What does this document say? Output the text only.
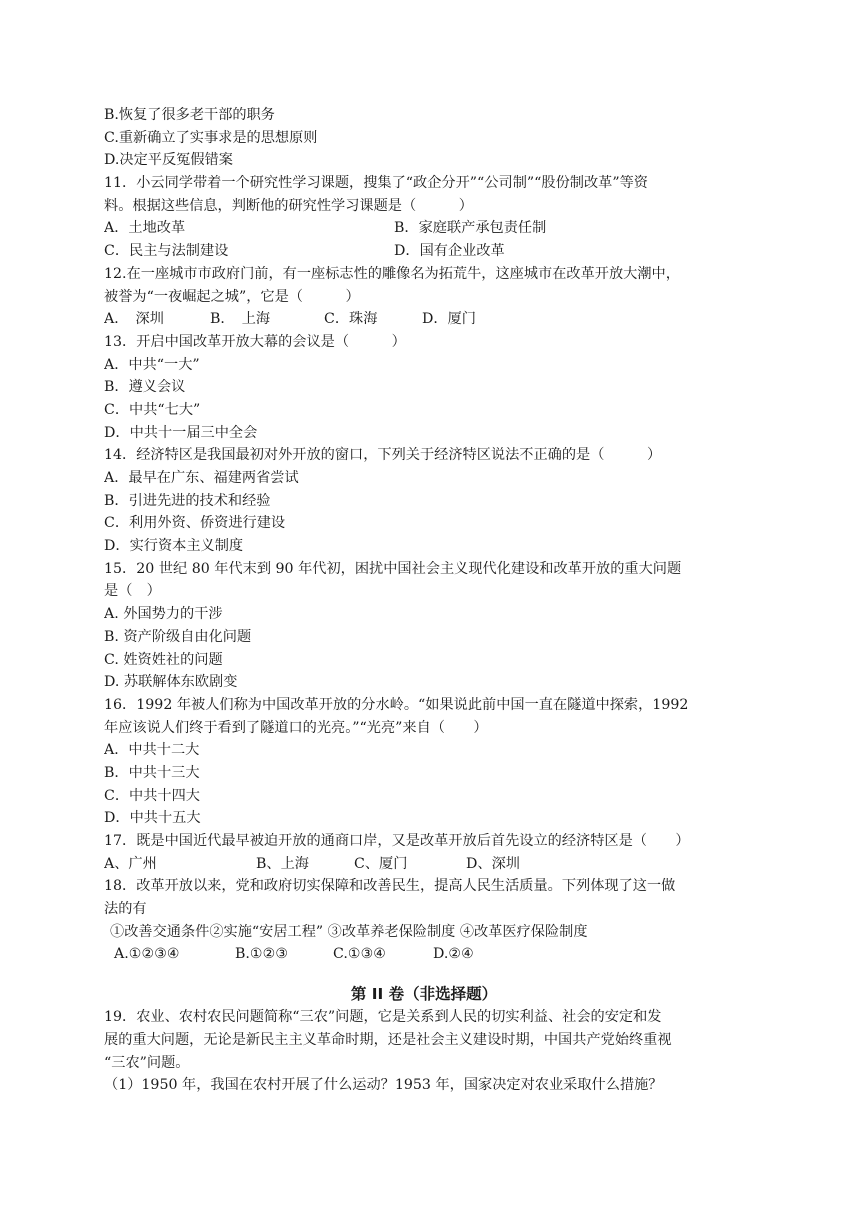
B.恢复了很多老干部的职务
C.重新确立了实事求是的思想原则
D.决定平反冤假错案
11．小云同学带着一个研究性学习课题，搜集了“政企分开”“公司制”“股份制改革”等资
料。根据这些信息，判断他的研究性学习课题是（　　　）
A．土地改革	B．家庭联产承包责任制
C．民主与法制建设	D．国有企业改革
12.在一座城市市政府门前，有一座标志性的雕像名为拓荒牛，这座城市在改革开放大潮中，
被誉为“一夜崛起之城”，它是（　　　）
A．　深圳	B．　上海	C．珠海	D．厦门
13．开启中国改革开放大幕的会议是（　　　）
A．中共“一大”
B．遵义会议
C．中共“七大”
D．中共十一届三中全会
14．经济特区是我国最初对外开放的窗口，下列关于经济特区说法不正确的是（　　　）
A．最早在广东、福建两省尝试
B．引进先进的技术和经验
C．利用外资、侨资进行建设
D．实行资本主义制度
15．20 世纪 80 年代末到 90 年代初，困扰中国社会主义现代化建设和改革开放的重大问题
是（　）
A. 外国势力的干涉
B. 资产阶级自由化问题
C. 姓资姓社的问题
D. 苏联解体东欧剧变
16．1992 年被人们称为中国改革开放的分水岭。“如果说此前中国一直在隧道中探索，1992
年应该说人们终于看到了隧道口的光亮。”“光亮”来自（　　）
A．中共十二大
B．中共十三大
C．中共十四大
D．中共十五大
17．既是中国近代最早被迫开放的通商口岸，又是改革开放后首先设立的经济特区是（　　）
A、广州	B、上海	C、厦门	D、深圳
18．改革开放以来，党和政府切实保障和改善民生，提高人民生活质量。下列体现了这一做
法的有
①改善交通条件②实施“安居工程” ③改革养老保险制度 ④改革医疗保险制度
A.①②③④	B.①②③	C.①③④	D.②④
第 II 卷（非选择题）
19．农业、农村农民问题简称“三农”问题，它是关系到人民的切实利益、社会的安定和发
展的重大问题，无论是新民主主义革命时期，还是社会主义建设时期，中国共产党始终重视
“三农”问题。
（1）1950 年，我国在农村开展了什么运动？1953 年，国家决定对农业采取什么措施？
